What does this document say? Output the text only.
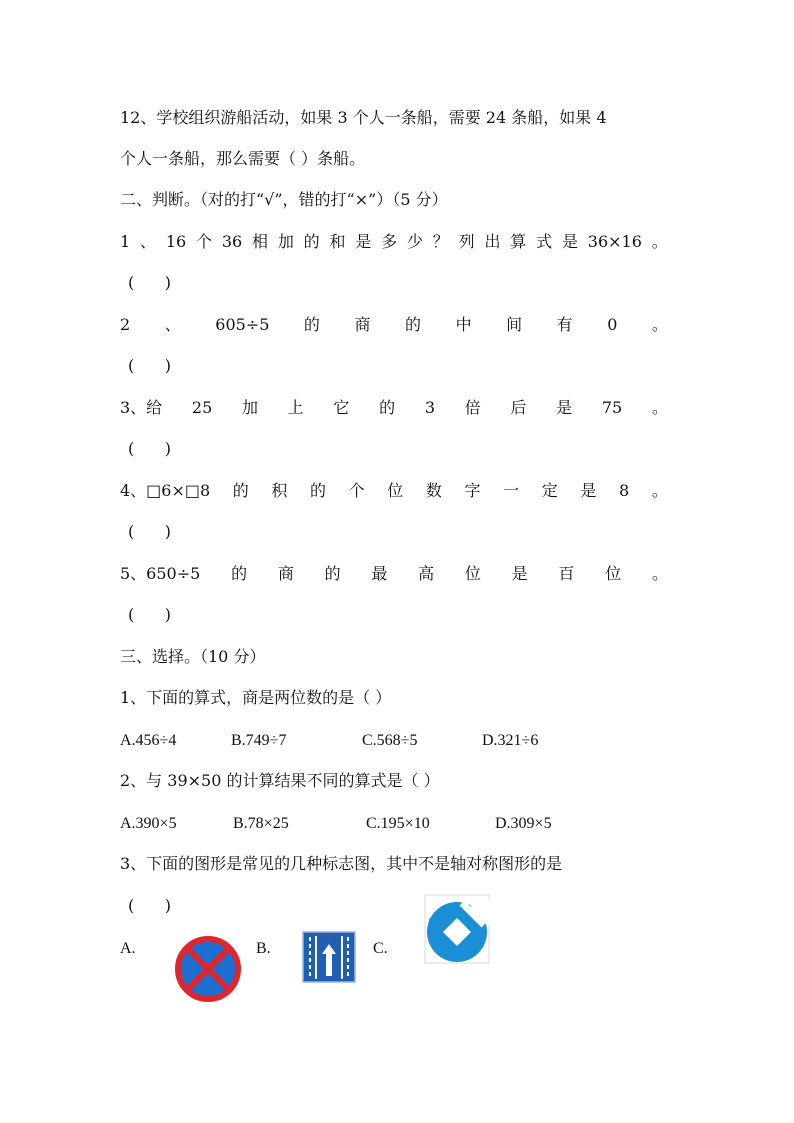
12、学校组织游船活动，如果 3 个人一条船，需要 24 条船，如果 4
个人一条船，那么需要（ ）条船。
二、判断。（对的打“√”，错的打“×”）（5 分）
1 、 16 个 36 相 加 的 和 是 多 少 ？ 列 出 算 式 是 36×16 。
(      )
2 、 605÷5 的 商 的 中 间 有 0 。
(      )
3、给 25 加 上 它 的 3 倍 后 是 75 。
(      )
4、□6×□8 的 积 的 个 位 数 字 一 定 是 8 。
(      )
5、650÷5 的 商 的 最 高 位 是 百 位 。
(      )
三、选择。（10 分）
1、下面的算式，商是两位数的是（ ）
A.456÷4	B.749÷7	C.568÷5	D.321÷6
2、与 39×50 的计算结果不同的算式是（ ）
A.390×5	B.78×25	C.195×10	D.309×5
3、下面的图形是常见的几种标志图，其中不是轴对称图形的是
(      )
A.	B.	C.
